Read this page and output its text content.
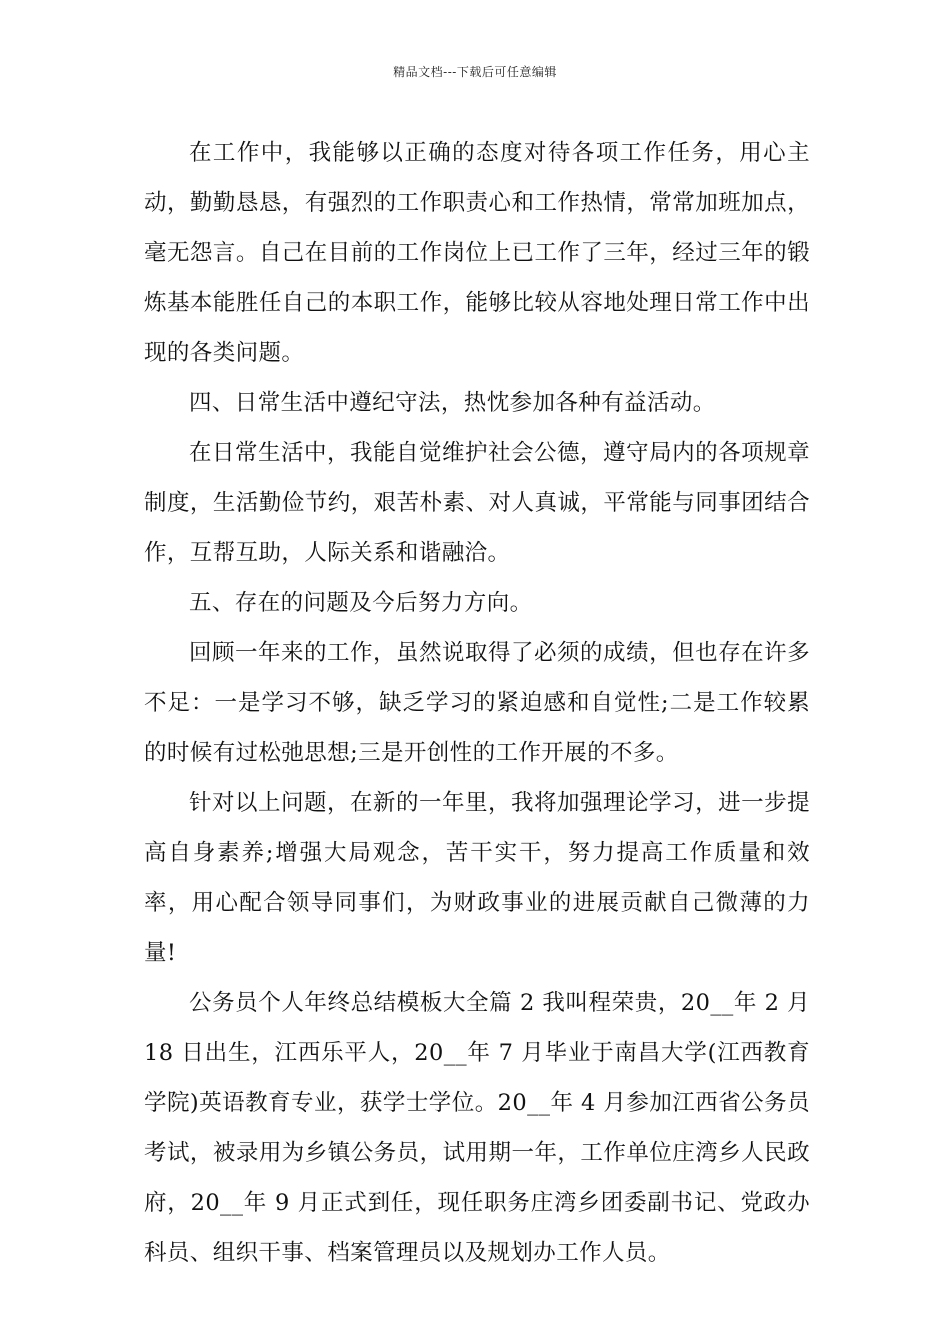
精品文档---下载后可任意编辑

在工作中，我能够以正确的态度对待各项工作任务，用心主动，勤勤恳恳，有强烈的工作职责心和工作热情，常常加班加点，毫无怨言。自己在目前的工作岗位上已工作了三年，经过三年的锻炼基本能胜任自己的本职工作，能够比较从容地处理日常工作中出现的各类问题。

四、日常生活中遵纪守法，热忱参加各种有益活动。

在日常生活中，我能自觉维护社会公德，遵守局内的各项规章制度，生活勤俭节约，艰苦朴素、对人真诚，平常能与同事团结合作，互帮互助，人际关系和谐融洽。

五、存在的问题及今后努力方向。

回顾一年来的工作，虽然说取得了必须的成绩，但也存在许多不足：一是学习不够，缺乏学习的紧迫感和自觉性;二是工作较累的时候有过松弛思想;三是开创性的工作开展的不多。

针对以上问题，在新的一年里，我将加强理论学习，进一步提高自身素养;增强大局观念，苦干实干，努力提高工作质量和效率，用心配合领导同事们，为财政事业的进展贡献自己微薄的力量!

公务员个人年终总结模板大全篇 2 我叫程荣贵，20__年 2 月 18 日出生，江西乐平人，20__年 7 月毕业于南昌大学(江西教育学院)英语教育专业，获学士学位。20__年 4 月参加江西省公务员考试，被录用为乡镇公务员，试用期一年，工作单位庄湾乡人民政府，20__年 9 月正式到任，现任职务庄湾乡团委副书记、党政办科员、组织干事、档案管理员以及规划办工作人员。
